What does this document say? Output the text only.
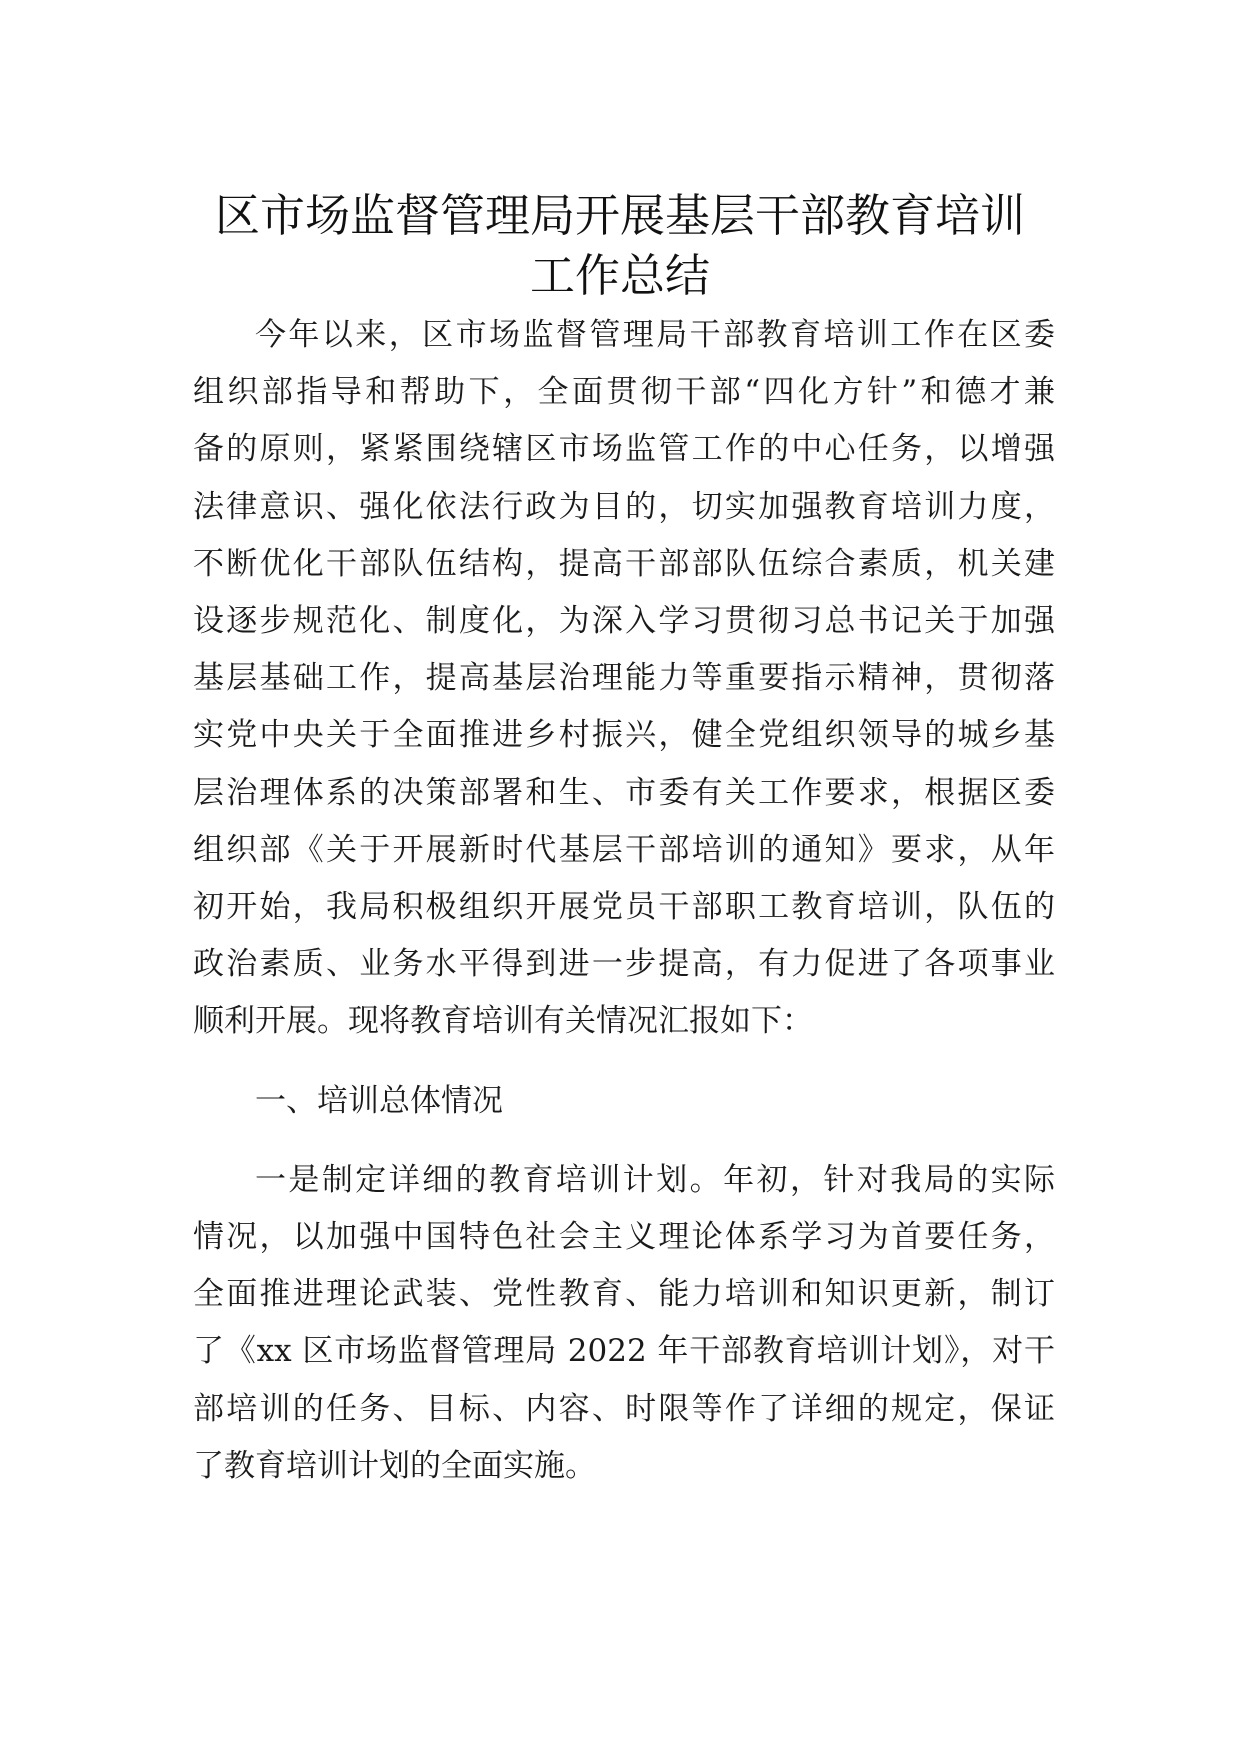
区市场监督管理局开展基层干部教育培训
工作总结
今年以来，区市场监督管理局干部教育培训工作在区委
组织部指导和帮助下，全面贯彻干部“四化方针”和德才兼
备的原则，紧紧围绕辖区市场监管工作的中心任务，以增强
法律意识、强化依法行政为目的，切实加强教育培训力度，
不断优化干部队伍结构，提高干部部队伍综合素质，机关建
设逐步规范化、制度化，为深入学习贯彻习总书记关于加强
基层基础工作，提高基层治理能力等重要指示精神，贯彻落
实党中央关于全面推进乡村振兴，健全党组织领导的城乡基
层治理体系的决策部署和生、市委有关工作要求，根据区委
组织部《关于开展新时代基层干部培训的通知》要求，从年
初开始，我局积极组织开展党员干部职工教育培训，队伍的
政治素质、业务水平得到进一步提高，有力促进了各项事业
顺利开展。现将教育培训有关情况汇报如下：
一、培训总体情况
一是制定详细的教育培训计划。年初，针对我局的实际
情况，以加强中国特色社会主义理论体系学习为首要任务，
全面推进理论武装、党性教育、能力培训和知识更新，制订
了《xx 区市场监督管理局 2022 年干部教育培训计划》，对干
部培训的任务、目标、内容、时限等作了详细的规定，保证
了教育培训计划的全面实施。
